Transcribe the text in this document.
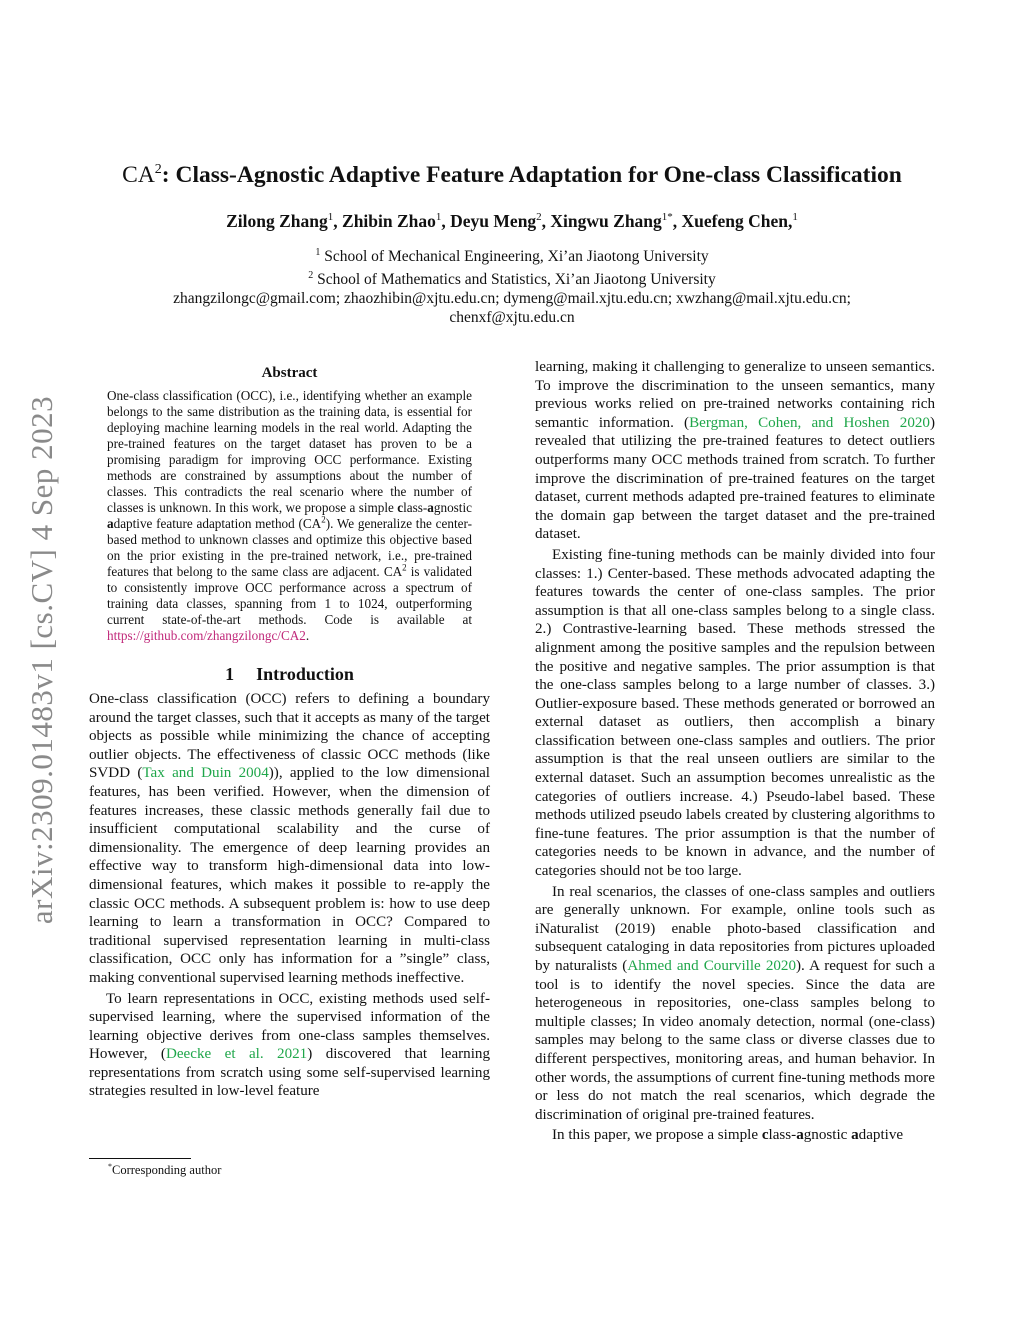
arXiv:2309.01483v1 [cs.CV] 4 Sep 2023
$CA^2$: Class-Agnostic Adaptive Feature Adaptation for One-class Classification
Zilong Zhang$^1$, Zhibin Zhao$^1$, Deyu Meng$^2$, Xingwu Zhang$^{1*}$, Xuefeng Chen,$^1$
$^1$ School of Mechanical Engineering, Xi’an Jiaotong University
$^2$ School of Mathematics and Statistics, Xi’an Jiaotong University
zhangzilongc@gmail.com; zhaozhibin@xjtu.edu.cn; dymeng@mail.xjtu.edu.cn; xwzhang@mail.xjtu.edu.cn;
chenxf@xjtu.edu.cn
Abstract

One-class classification (OCC), i.e., identifying whether an example belongs to the same distribution as the training data, is essential for deploying machine learning models in the real world. Adapting the pre-trained features on the target dataset has proven to be a promising paradigm for improving OCC performance. Existing methods are constrained by assumptions about the number of classes. This contradicts the real scenario where the number of classes is unknown. In this work, we propose a simple class-agnostic adaptive feature adaptation method $(CA^2)$. We generalize the center-based method to unknown classes and optimize this objective based on the prior existing in the pre-trained network, i.e., pre-trained features that belong to the same class are adjacent. $CA^2$ is validated to consistently improve OCC performance across a spectrum of training data classes, spanning from 1 to 1024, outperforming current state-of-the-art methods. Code is available at https://github.com/zhangzilongc/CA2.

1 Introduction

One-class classification (OCC) refers to defining a boundary around the target classes, such that it accepts as many of the target objects as possible while minimizing the chance of accepting outlier objects. The effectiveness of classic OCC methods (like SVDD (Tax and Duin 2004)), applied to the low dimensional features, has been verified. However, when the dimension of features increases, these classic methods generally fail due to insufficient computational scalability and the curse of dimensionality. The emergence of deep learning provides an effective way to transform high-dimensional data into low-dimensional features, which makes it possible to re-apply the classic OCC methods. A subsequent problem is: how to use deep learning to learn a transformation in OCC? Compared to traditional supervised representation learning in multi-class classification, OCC only has information for a ”single” class, making conventional supervised learning methods ineffective.

To learn representations in OCC, existing methods used self-supervised learning, where the supervised information of the learning objective derives from one-class samples themselves. However, (Deecke et al. 2021) discovered that learning representations from scratch using some self-supervised learning strategies resulted in low-level feature

learning, making it challenging to generalize to unseen semantics. To improve the discrimination to the unseen semantics, many previous works relied on pre-trained networks containing rich semantic information. (Bergman, Cohen, and Hoshen 2020) revealed that utilizing the pre-trained features to detect outliers outperforms many OCC methods trained from scratch. To further improve the discrimination of pre-trained features on the target dataset, current methods adapted pre-trained features to eliminate the domain gap between the target dataset and the pre-trained dataset.

Existing fine-tuning methods can be mainly divided into four classes: 1.) Center-based. These methods advocated adapting the features towards the center of one-class samples. The prior assumption is that all one-class samples belong to a single class. 2.) Contrastive-learning based. These methods stressed the alignment among the positive samples and the repulsion between the positive and negative samples. The prior assumption is that the one-class samples belong to a large number of classes. 3.) Outlier-exposure based. These methods generated or borrowed an external dataset as outliers, then accomplish a binary classification between one-class samples and outliers. The prior assumption is that the real unseen outliers are similar to the external dataset. Such an assumption becomes unrealistic as the categories of outliers increase. 4.) Pseudo-label based. These methods utilized pseudo labels created by clustering algorithms to fine-tune features. The prior assumption is that the number of categories needs to be known in advance, and the number of categories should not be too large.

In real scenarios, the classes of one-class samples and outliers are generally unknown. For example, online tools such as iNaturalist (2019) enable photo-based classification and subsequent cataloging in data repositories from pictures uploaded by naturalists (Ahmed and Courville 2020). A request for such a tool is to identify the novel species. Since the data are heterogeneous in repositories, one-class samples belong to multiple classes; In video anomaly detection, normal (one-class) samples may belong to the same class or diverse classes due to different perspectives, monitoring areas, and human behavior. In other words, the assumptions of current fine-tuning methods more or less do not match the real scenarios, which degrade the discrimination of original pre-trained features.

In this paper, we propose a simple class-agnostic adaptive

*Corresponding author
